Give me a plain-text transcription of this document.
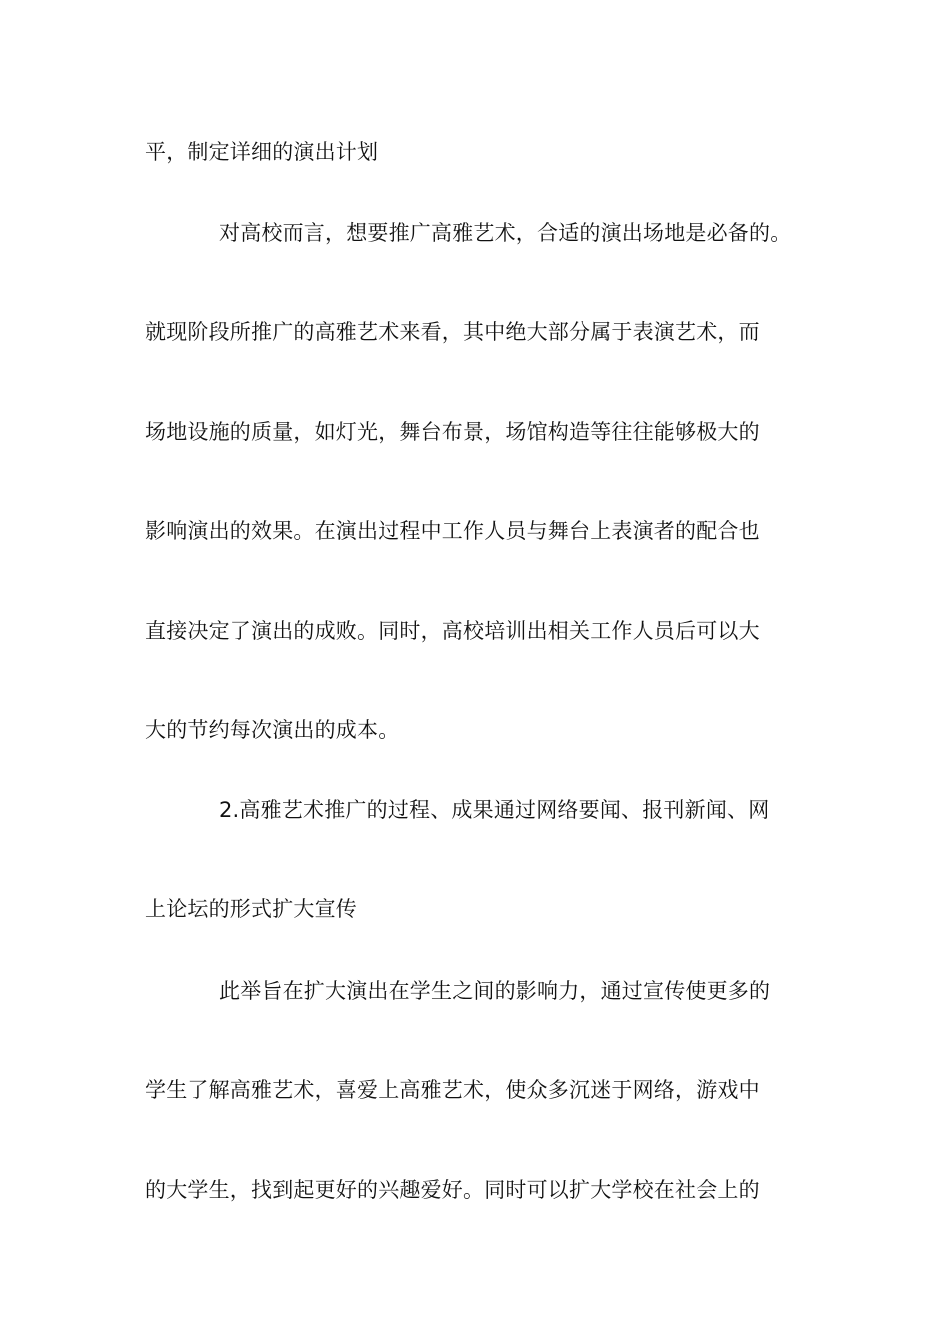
平，制定详细的演出计划
对高校而言，想要推广高雅艺术，合适的演出场地是必备的。
就现阶段所推广的高雅艺术来看，其中绝大部分属于表演艺术，而
场地设施的质量，如灯光，舞台布景，场馆构造等往往能够极大的
影响演出的效果。在演出过程中工作人员与舞台上表演者的配合也
直接决定了演出的成败。同时，高校培训出相关工作人员后可以大
大的节约每次演出的成本。
2.高雅艺术推广的过程、成果通过网络要闻、报刊新闻、网
上论坛的形式扩大宣传
此举旨在扩大演出在学生之间的影响力，通过宣传使更多的
学生了解高雅艺术，喜爱上高雅艺术，使众多沉迷于网络，游戏中
的大学生，找到起更好的兴趣爱好。同时可以扩大学校在社会上的
